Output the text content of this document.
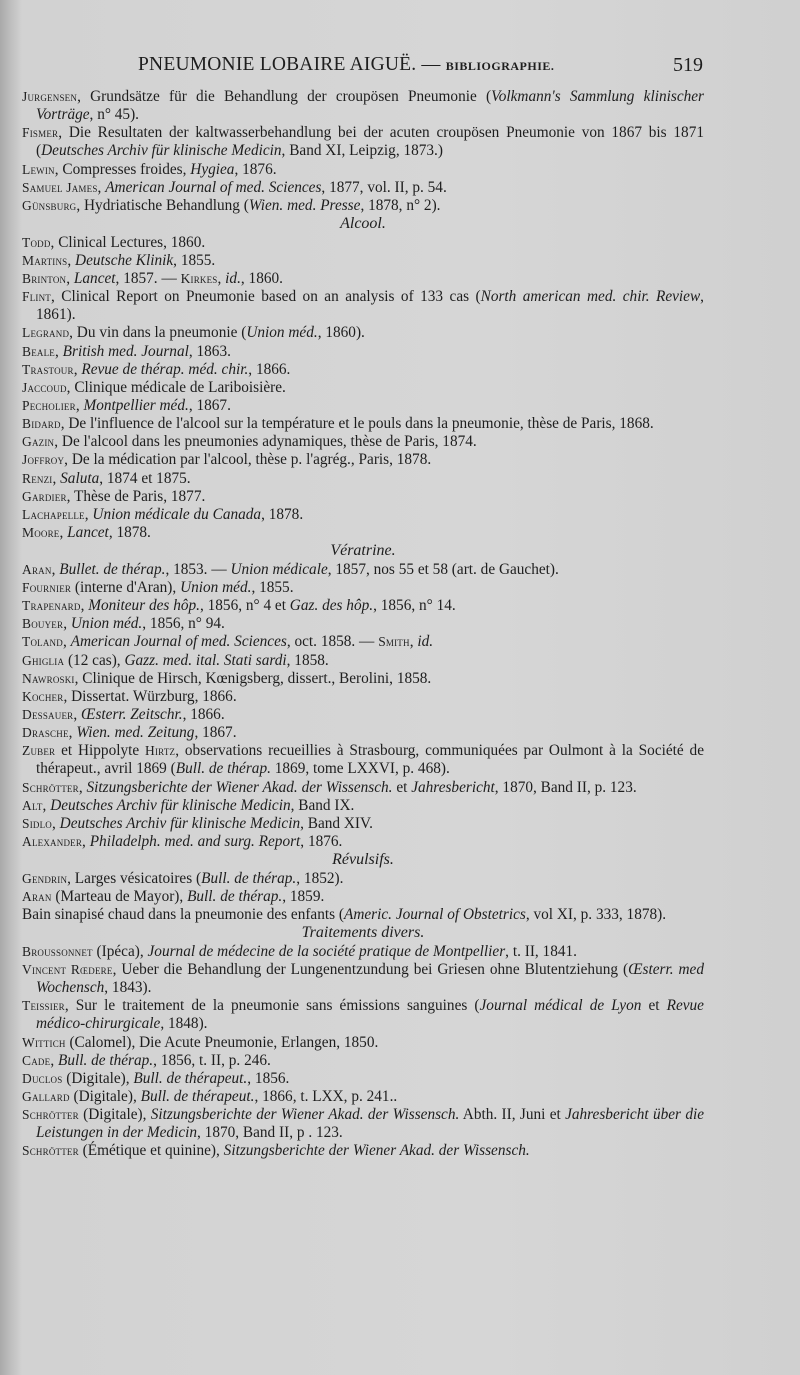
PNEUMONIE LOBAIRE AIGUË. — BIBLIOGRAPHIE.	519
Jurgensen, Grundsätze für die Behandlung der croupösen Pneumonie (Volkmann's Sammlung klinischer Vorträge, n° 45).
Fismer, Die Resultaten der kaltwasserbehandlung bei der acuten croupösen Pneumonie von 1867 bis 1871 (Deutsches Archiv für klinische Medicin, Band XI, Leipzig, 1873.)
Lewin, Compresses froides, Hygiea, 1876.
Samuel James, American Journal of med. Sciences, 1877, vol. II, p. 54.
Günsburg, Hydriatische Behandlung (Wien. med. Presse, 1878, n° 2).
Alcool.
Todd, Clinical Lectures, 1860.
Martins, Deutsche Klinik, 1855.
Brinton, Lancet, 1857. — Kirkes, id., 1860.
Flint, Clinical Report on Pneumonie based on an analysis of 133 cas (North american med. chir. Review, 1861).
Legrand, Du vin dans la pneumonie (Union méd., 1860).
Beale, British med. Journal, 1863.
Trastour, Revue de thérap. méd. chir., 1866.
Jaccoud, Clinique médicale de Lariboisière.
Pecholier, Montpellier méd., 1867.
Bidard, De l'influence de l'alcool sur la température et le pouls dans la pneumonie, thèse de Paris, 1868.
Gazin, De l'alcool dans les pneumonies adynamiques, thèse de Paris, 1874.
Joffroy, De la médication par l'alcool, thèse p. l'agrég., Paris, 1878.
Renzi, Saluta, 1874 et 1875.
Gardier, Thèse de Paris, 1877.
Lachapelle, Union médicale du Canada, 1878.
Moore, Lancet, 1878.
Vératrine.
Aran, Bullet. de thérap., 1853. — Union médicale, 1857, nos 55 et 58 (art. de Gauchet).
Fournier (interne d'Aran), Union méd., 1855.
Trapenard, Moniteur des hôp., 1856, n° 4 et Gaz. des hôp., 1856, n° 14.
Bouyer, Union méd., 1856, n° 94.
Toland, American Journal of med. Sciences, oct. 1858. — Smith, id.
Ghiglia (12 cas), Gazz. med. ital. Stati sardi, 1858.
Nawroski, Clinique de Hirsch, Kœnigsberg, dissert., Berolini, 1858.
Kocher, Dissertat. Würzburg, 1866.
Dessauer, Œsterr. Zeitschr., 1866.
Drasche, Wien. med. Zeitung, 1867.
Zuber et Hippolyte Hirtz, observations recueillies à Strasbourg, communiquées par Oulmont à la Société de thérapeut., avril 1869 (Bull. de thérap. 1869, tome LXXVI, p. 468).
Schrötter, Sitzungsberichte der Wiener Akad. der Wissensch. et Jahresbericht, 1870, Band II, p. 123.
Alt, Deutsches Archiv für klinische Medicin, Band IX.
Sidlo, Deutsches Archiv für klinische Medicin, Band XIV.
Alexander, Philadelph. med. and surg. Report, 1876.
Révulsifs.
Gendrin, Larges vésicatoires (Bull. de thérap., 1852).
Aran (Marteau de Mayor), Bull. de thérap., 1859.
Bain sinapisé chaud dans la pneumonie des enfants (Americ. Journal of Obstetrics, vol XI, p. 333, 1878).
Traitements divers.
Broussonnet (Ipéca), Journal de médecine de la société pratique de Montpellier, t. II, 1841.
Vincent Rœdere, Ueber die Behandlung der Lungenentzundung bei Griesen ohne Blutentziehung (Œsterr. med Wochensch, 1843).
Teissier, Sur le traitement de la pneumonie sans émissions sanguines (Journal médical de Lyon et Revue médico-chirurgicale, 1848).
Wittich (Calomel), Die Acute Pneumonie, Erlangen, 1850.
Cade, Bull. de thérap., 1856, t. II, p. 246.
Duclos (Digitale), Bull. de thérapeut., 1856.
Gallard (Digitale), Bull. de thérapeut., 1866, t. LXX, p. 241..
Schrötter (Digitale), Sitzungsberichte der Wiener Akad. der Wissensch. Abth. II, Juni et Jahresbericht über die Leistungen in der Medicin, 1870, Band II, p . 123.
Schrötter (Émétique et quinine), Sitzungsberichte der Wiener Akad. der Wissensch.
